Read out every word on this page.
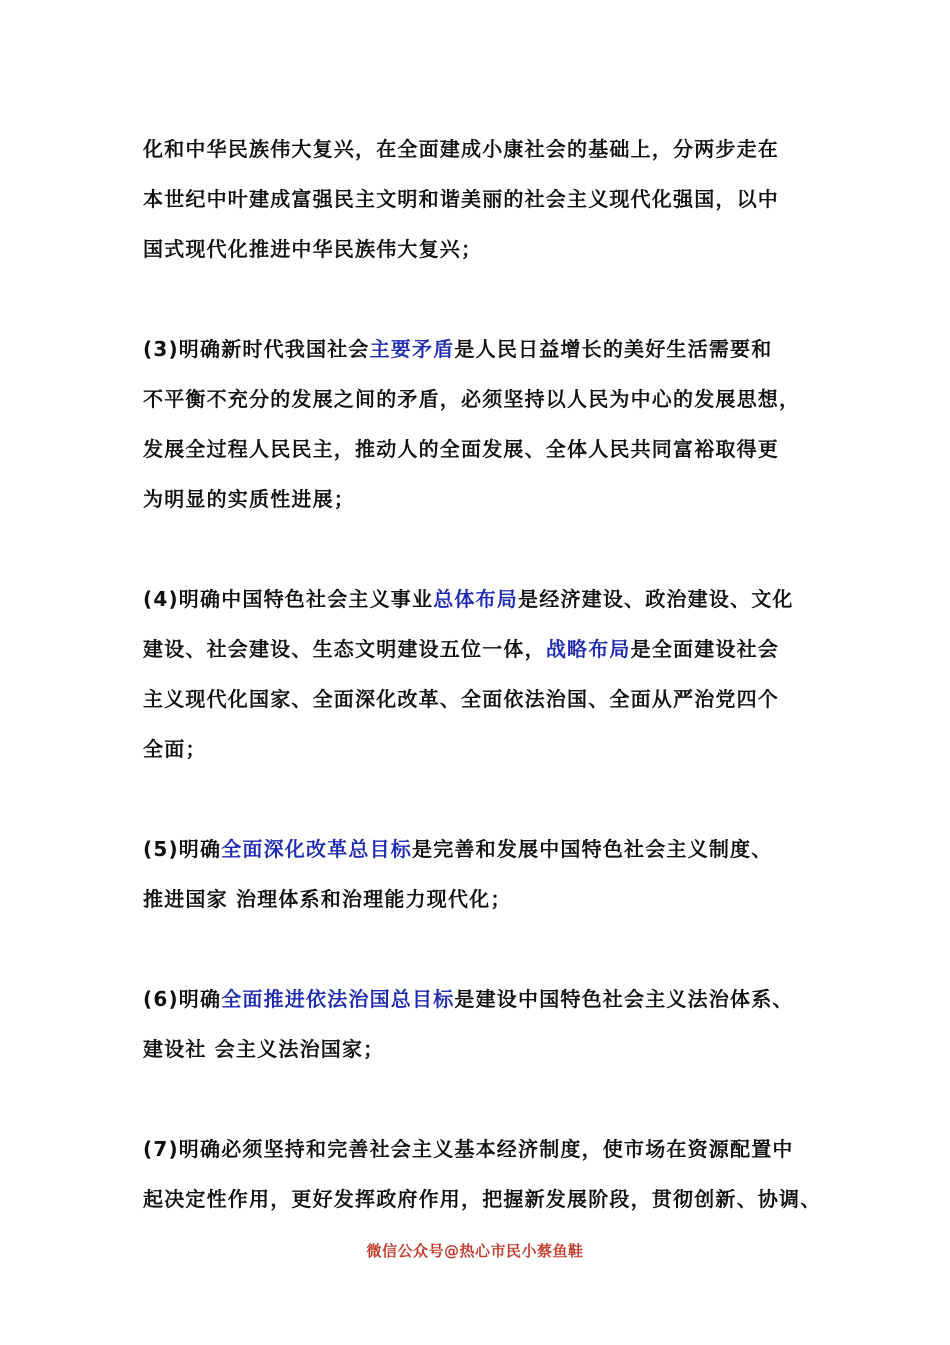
化和中华民族伟大复兴，在全面建成小康社会的基础上，分两步走在
本世纪中叶建成富强民主文明和谐美丽的社会主义现代化强国，以中
国式现代化推进中华民族伟大复兴；

(3)明确新时代我国社会主要矛盾是人民日益增长的美好生活需要和
不平衡不充分的发展之间的矛盾，必须坚持以人民为中心的发展思想，
发展全过程人民民主，推动人的全面发展、全体人民共同富裕取得更
为明显的实质性进展；

(4)明确中国特色社会主义事业总体布局是经济建设、政治建设、文化
建设、社会建设、生态文明建设五位一体，战略布局是全面建设社会
主义现代化国家、全面深化改革、全面依法治国、全面从严治党四个
全面；

(5)明确全面深化改革总目标是完善和发展中国特色社会主义制度、
推进国家 治理体系和治理能力现代化；

(6)明确全面推进依法治国总目标是建设中国特色社会主义法治体系、
建设社 会主义法治国家；

(7)明确必须坚持和完善社会主义基本经济制度，使市场在资源配置中
起决定性作用，更好发挥政府作用，把握新发展阶段，贯彻创新、协调、

微信公众号@热心市民小蔡鱼鞋
